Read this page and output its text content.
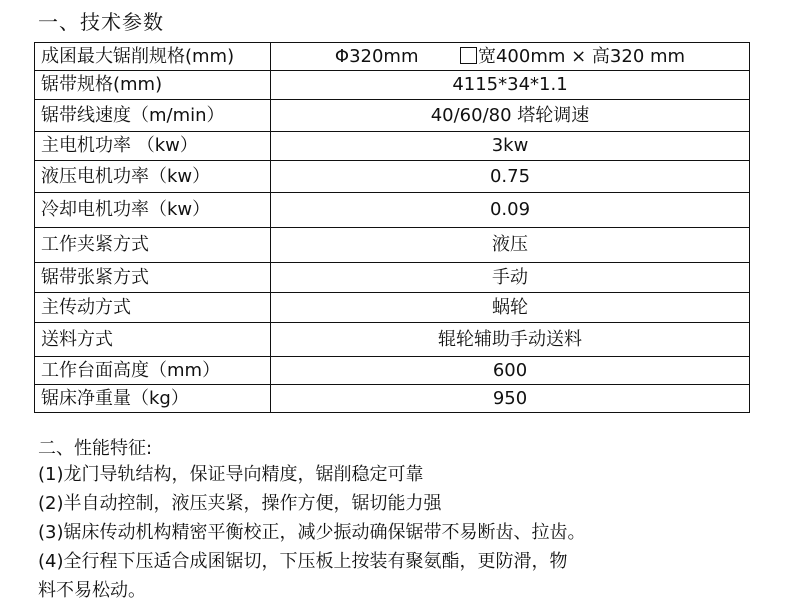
一、技术参数
成囷最大锯削规格(mm)	Φ320mm 宽400mm × 高320 mm
锯带规格(mm)	4115*34*1.1
锯带线速度（m/min）	40/60/80 塔轮调速
主电机功率 （kw）	3kw
液压电机功率（kw）	0.75
冷却电机功率（kw）	0.09
工作夹紧方式	液压
锯带张紧方式	手动
主传动方式	蜗轮
送料方式	辊轮辅助手动送料
工作台面高度（mm）	600
锯床净重量（kg）	950
二、性能特征:
(1)龙门导轨结构，保证导向精度，锯削稳定可靠
(2)半自动控制，液压夹紧，操作方便，锯切能力强
(3)锯床传动机构精密平衡校正，减少振动确保锯带不易断齿、拉齿。
(4)全行程下压适合成囷锯切，下压板上按装有聚氨酯，更防滑，物
料不易松动。
